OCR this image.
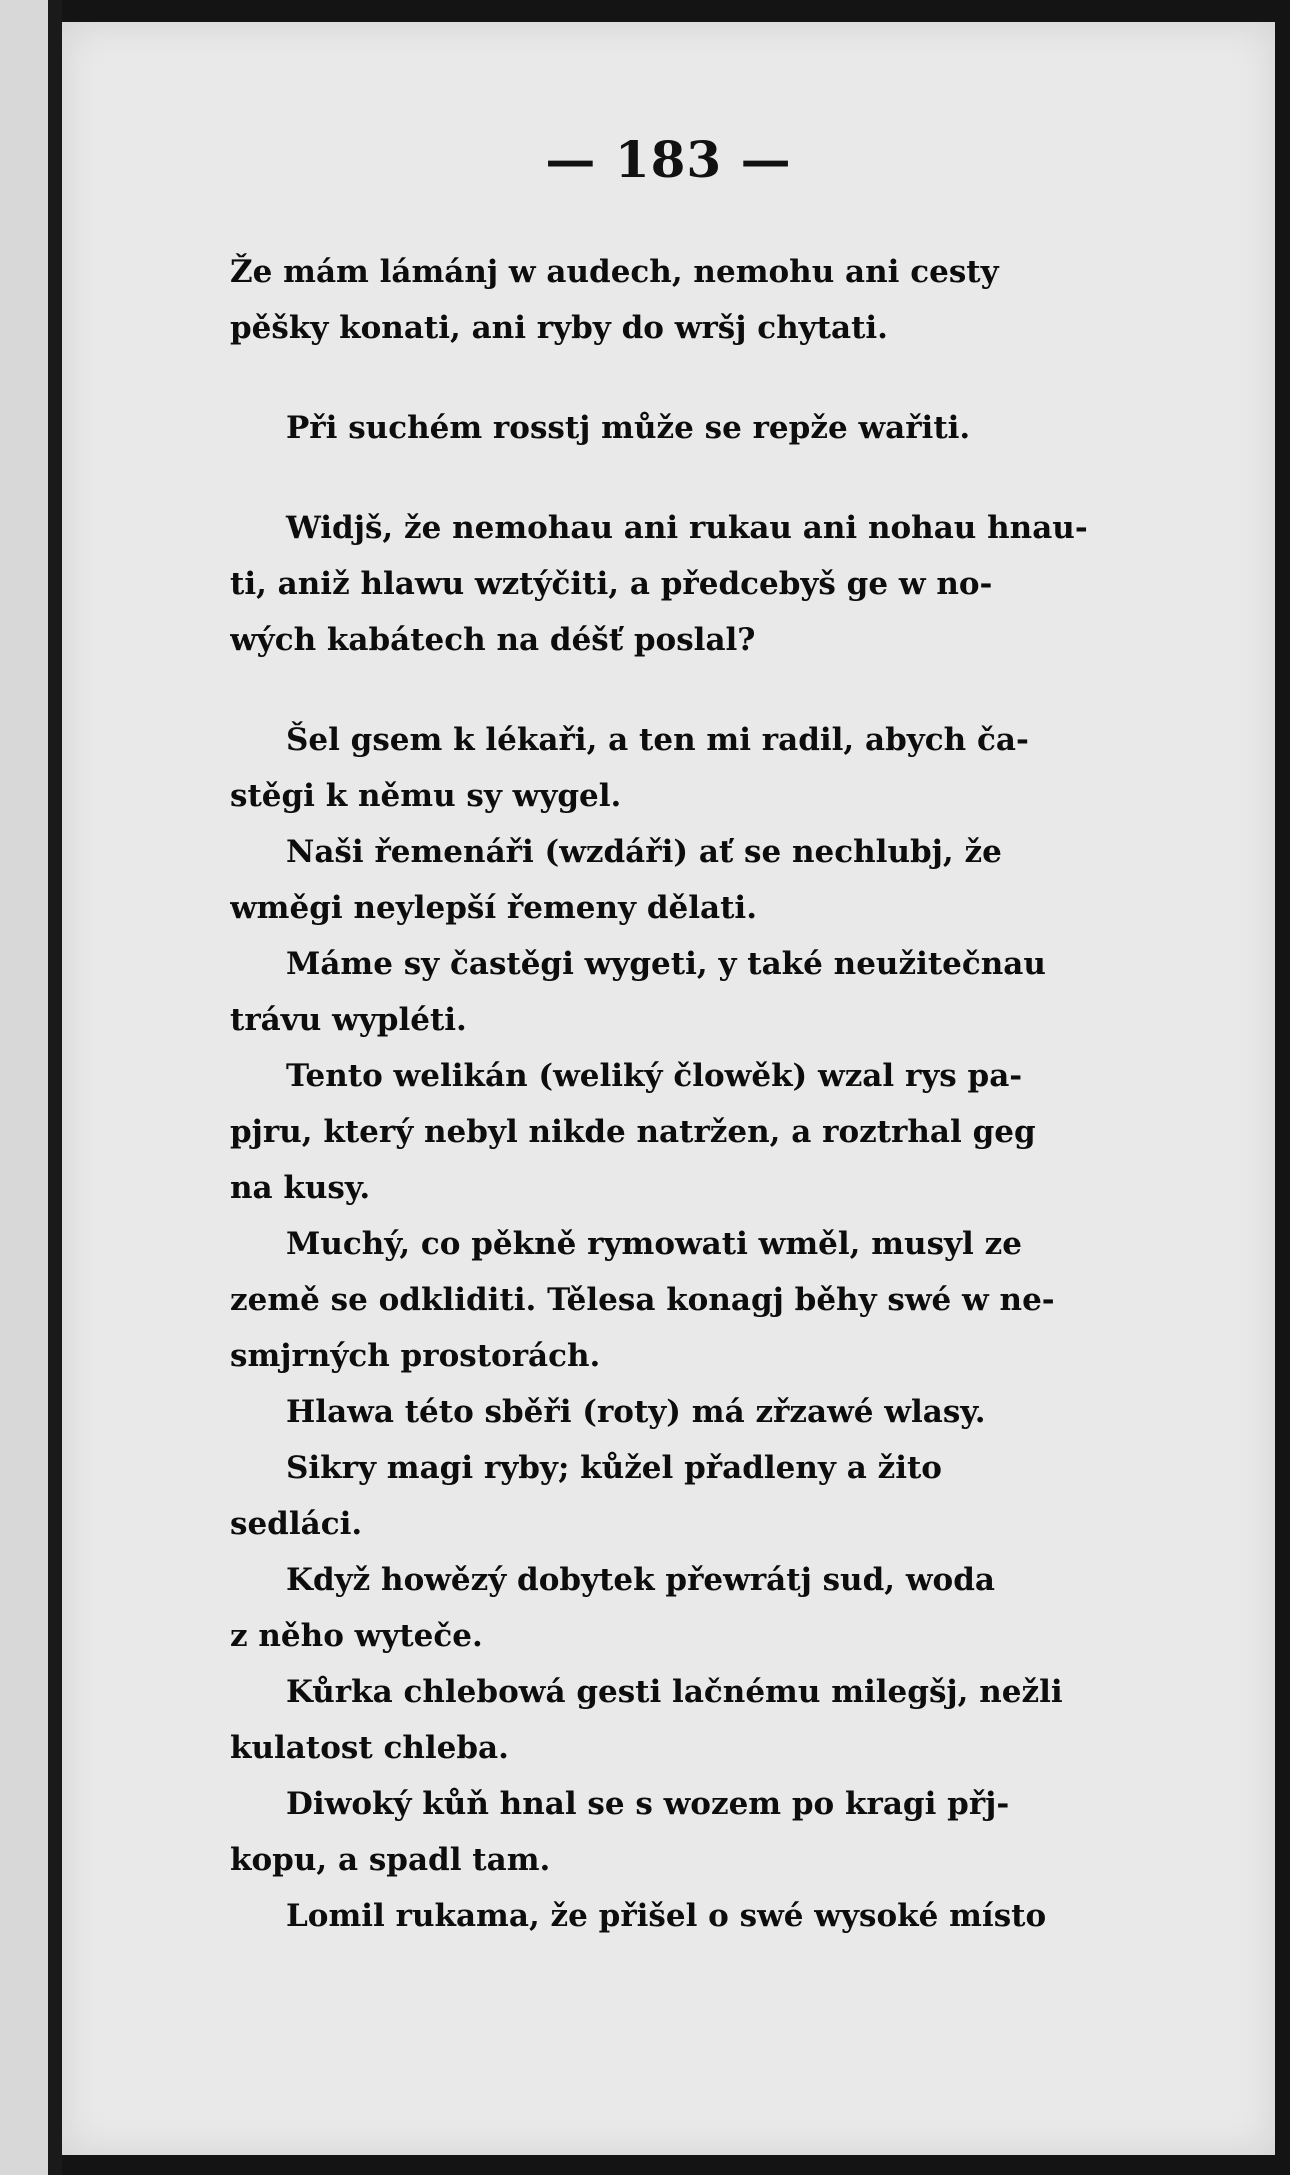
— 183 —
Že mám lámánj w audech, nemohu ani cesty
pěšky konati, ani ryby do wršj chytati.
Při suchém rosstj může se repže wařiti.
Widjš, že nemohau ani rukau ani nohau hnau-
ti, aniž hlawu wztýčiti, a předcebyš ge w no-
wých kabátech na déšť poslal?
Šel gsem k lékaři, a ten mi radil, abych ča-
stěgi k němu sy wygel.
Naši řemenáři (wzdáři) ať se nechlubj, že
wměgi neylepší řemeny dělati.
Máme sy častěgi wygeti, y také neužitečnau
trávu wypléti.
Tento welikán (weliký člowěk) wzal rys pa-
pjru, který nebyl nikde natržen, a roztrhal geg
na kusy.
Muchý, co pěkně rymowati wměl, musyl ze
země se odkliditi. Tělesa konagj běhy swé w ne-
smjrných prostorách.
Hlawa této sběři (roty) má zřzawé wlasy.
Sikry magi ryby; kůžel přadleny a žito
sedláci.
Když howězý dobytek přewrátj sud, woda
z něho wyteče.
Kůrka chlebowá gesti lačnému milegšj, nežli
kulatost chleba.
Diwoký kůň hnal se s wozem po kragi přj-
kopu, a spadl tam.
Lomil rukama, že přišel o swé wysoké místo
